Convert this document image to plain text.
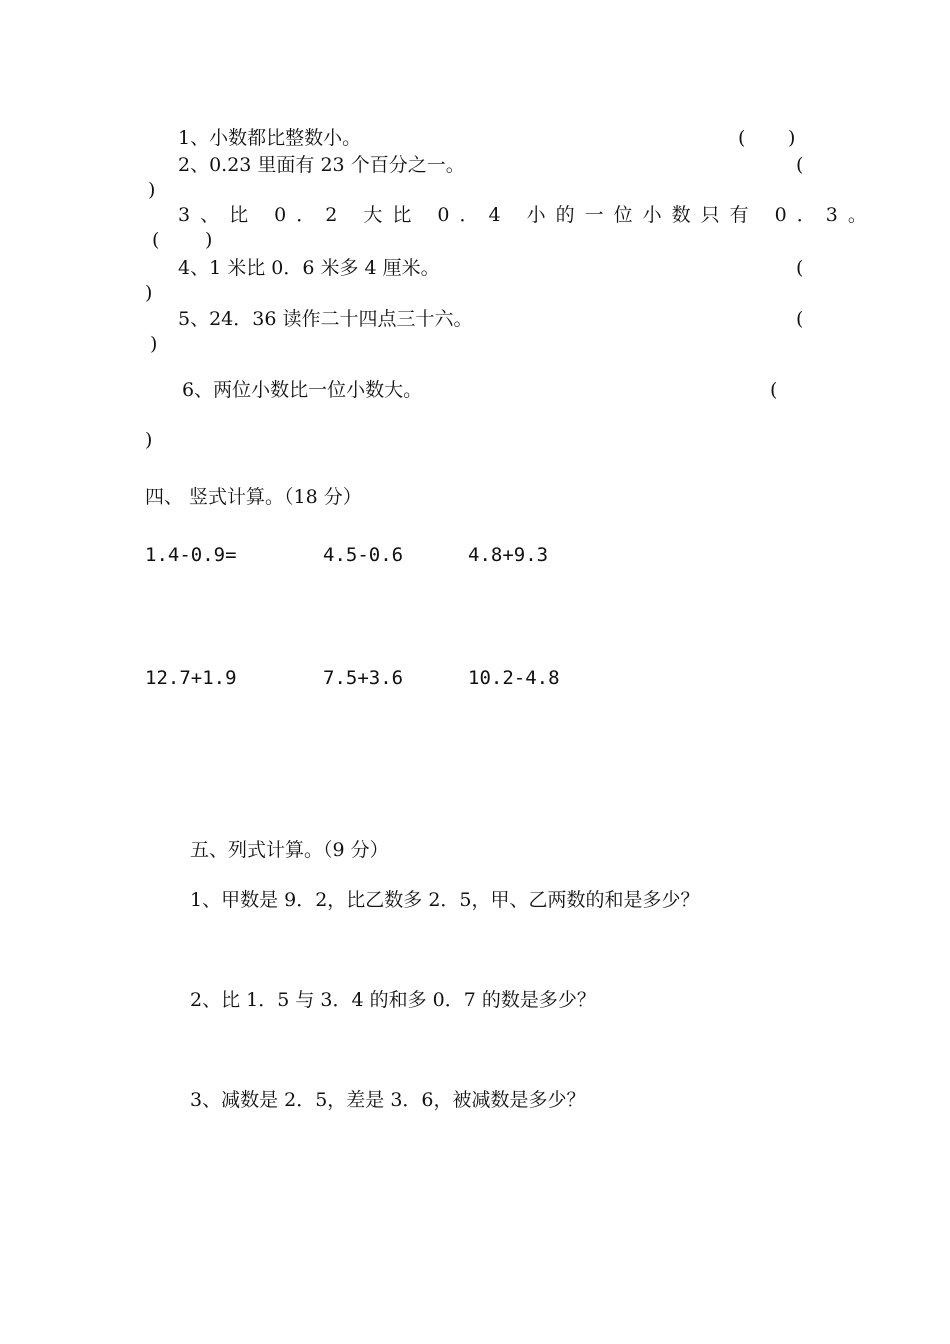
1、小数都比整数小。	( )
2、0.23 里面有 23 个百分之一。	(
)
3、比 0．2 大比 0．4 小的一位小数只有 0．3。
( )
4、1 米比 0．6 米多 4 厘米。	(
)
5、24．36 读作二十四点三十六。	(
)
6、两位小数比一位小数大。	(
)
四、 竖式计算。（18 分）
1.4-0.9=	4.5-0.6	4.8+9.3
12.7+1.9	7.5+3.6	10.2-4.8
五、列式计算。（9 分）
1、甲数是 9．2，比乙数多 2．5，甲、乙两数的和是多少？
2、比 1．5 与 3．4 的和多 0．7 的数是多少？
3、减数是 2．5，差是 3．6，被减数是多少？
